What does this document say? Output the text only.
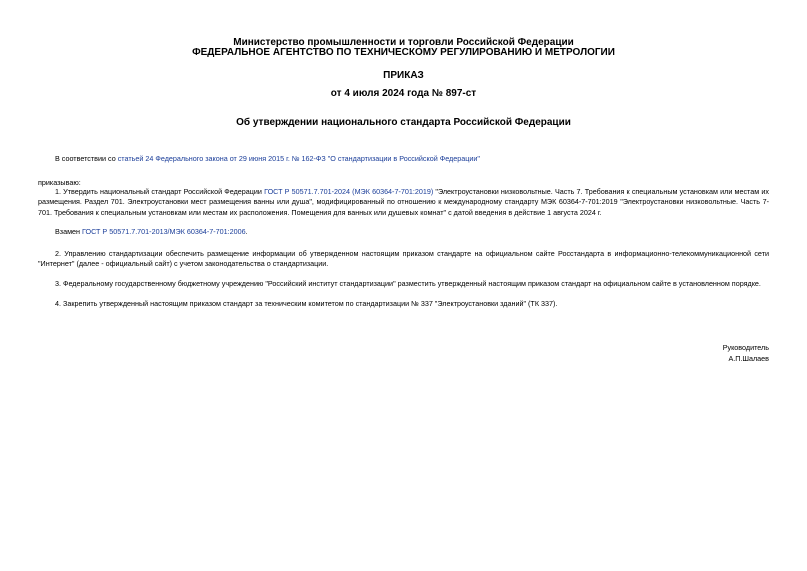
Министерство промышленности и торговли Российской Федерации
ФЕДЕРАЛЬНОЕ АГЕНТСТВО ПО ТЕХНИЧЕСКОМУ РЕГУЛИРОВАНИЮ И МЕТРОЛОГИИ
ПРИКАЗ
от 4 июля 2024 года № 897-ст
Об утверждении национального стандарта Российской Федерации
В соответствии со статьей 24 Федерального закона от 29 июня 2015 г. № 162-ФЗ "О стандартизации в Российской Федерации"
приказываю:
1. Утвердить национальный стандарт Российской Федерации ГОСТ Р 50571.7.701-2024 (МЭК 60364-7-701:2019) "Электроустановки низковольтные. Часть 7. Требования к специальным установкам или местам их размещения. Раздел 701. Электроустановки мест размещения ванны или душа", модифицированный по отношению к международному стандарту МЭК 60364-7-701:2019 "Электроустановки низковольтные. Часть 7-701. Требования к специальным установкам или местам их расположения. Помещения для ванных или душевых комнат" с датой введения в действие 1 августа 2024 г.
Взамен ГОСТ Р 50571.7.701-2013/МЭК 60364-7-701:2006.
2. Управлению стандартизации обеспечить размещение информации об утвержденном настоящим приказом стандарте на официальном сайте Росстандарта в информационно-телекоммуникационной сети "Интернет" (далее - официальный сайт) с учетом законодательства о стандартизации.
3. Федеральному государственному бюджетному учреждению "Российский институт стандартизации" разместить утвержденный настоящим приказом стандарт на официальном сайте в установленном порядке.
4. Закрепить утвержденный настоящим приказом стандарт за техническим комитетом по стандартизации № 337 "Электроустановки зданий" (ТК 337).
Руководитель
А.П.Шалаев
